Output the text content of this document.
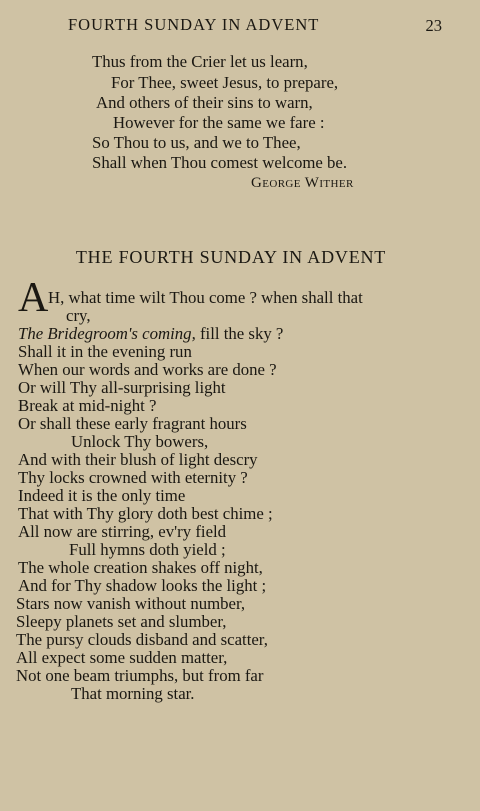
FOURTH SUNDAY IN ADVENT	23
Thus from the Crier let us learn,
For Thee, sweet Jesus, to prepare,
And others of their sins to warn,
However for the same we fare :
So Thou to us, and we to Thee,
Shall when Thou comest welcome be.
George Wither
THE FOURTH SUNDAY IN ADVENT
A H, what time wilt Thou come ? when shall that
cry,
The Bridegroom's coming, fill the sky ?
Shall it in the evening run
When our words and works are done ?
Or will Thy all-surprising light
Break at mid-night ?
Or shall these early fragrant hours
Unlock Thy bowers,
And with their blush of light descry
Thy locks crowned with eternity ?
Indeed it is the only time
That with Thy glory doth best chime ;
All now are stirring, ev'ry field
Full hymns doth yield ;
The whole creation shakes off night,
And for Thy shadow looks the light ;
Stars now vanish without number,
Sleepy planets set and slumber,
The pursy clouds disband and scatter,
All expect some sudden matter,
Not one beam triumphs, but from far
That morning star.
